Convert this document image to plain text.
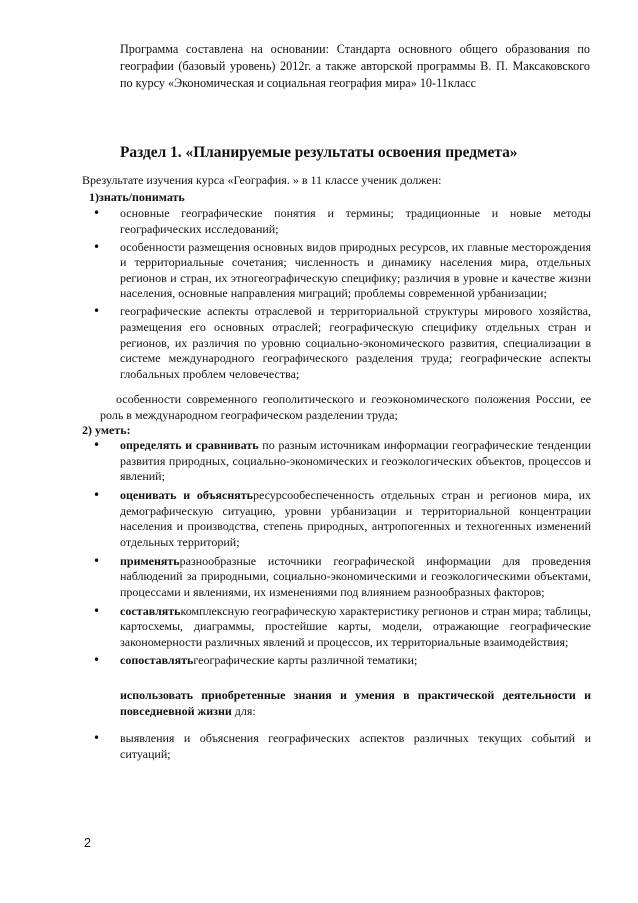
Программа составлена на основании: Стандарта основного общего образования по географии (базовый уровень) 2012г. а также авторской программы В. П. Максаковского по курсу «Экономическая и социальная география мира» 10-11класс
Раздел 1. «Планируемые результаты освоения предмета»
Врезультате изучения курса «География. » в 11 классе ученик должен:
1)знать/понимать
• основные географические понятия и термины; традиционные и новые методы географических исследований;
• особенности размещения основных видов природных ресурсов, их главные месторождения и территориальные сочетания; численность и динамику населения мира, отдельных регионов и стран, их этногеографическую специфику; различия в уровне и качестве жизни населения, основные направления миграций; проблемы современной урбанизации;
• географические аспекты отраслевой и территориальной структуры мирового хозяйства, размещения его основных отраслей; географическую специфику отдельных стран и регионов, их различия по уровню социально-экономического развития, специализации в системе международного географического разделения труда; географические аспекты глобальных проблем человечества;
особенности современного геополитического и геоэкономического положения России, ее роль в международном географическом разделении труда;
2) уметь:
• определять и сравнивать по разным источникам информации географические тенденции развития природных, социально-экономических и геоэкологических объектов, процессов и явлений;
• оценивать и объяснятьресурсообеспеченность отдельных стран и регионов мира, их демографическую ситуацию, уровни урбанизации и территориальной концентрации населения и производства, степень природных, антропогенных и техногенных изменений отдельных территорий;
• применятьразнообразные источники географической информации для проведения наблюдений за природными, социально-экономическими и геоэкологическими объектами, процессами и явлениями, их изменениями под влиянием разнообразных факторов;
• составлятькомплексную географическую характеристику регионов и стран мира; таблицы, картосхемы, диаграммы, простейшие карты, модели, отражающие географические закономерности различных явлений и процессов, их территориальные взаимодействия;
• сопоставлятьгеографические карты различной тематики;
использовать приобретенные знания и умения в практической деятельности и повседневной жизни для:
• выявления и объяснения географических аспектов различных текущих событий и ситуаций;
2
